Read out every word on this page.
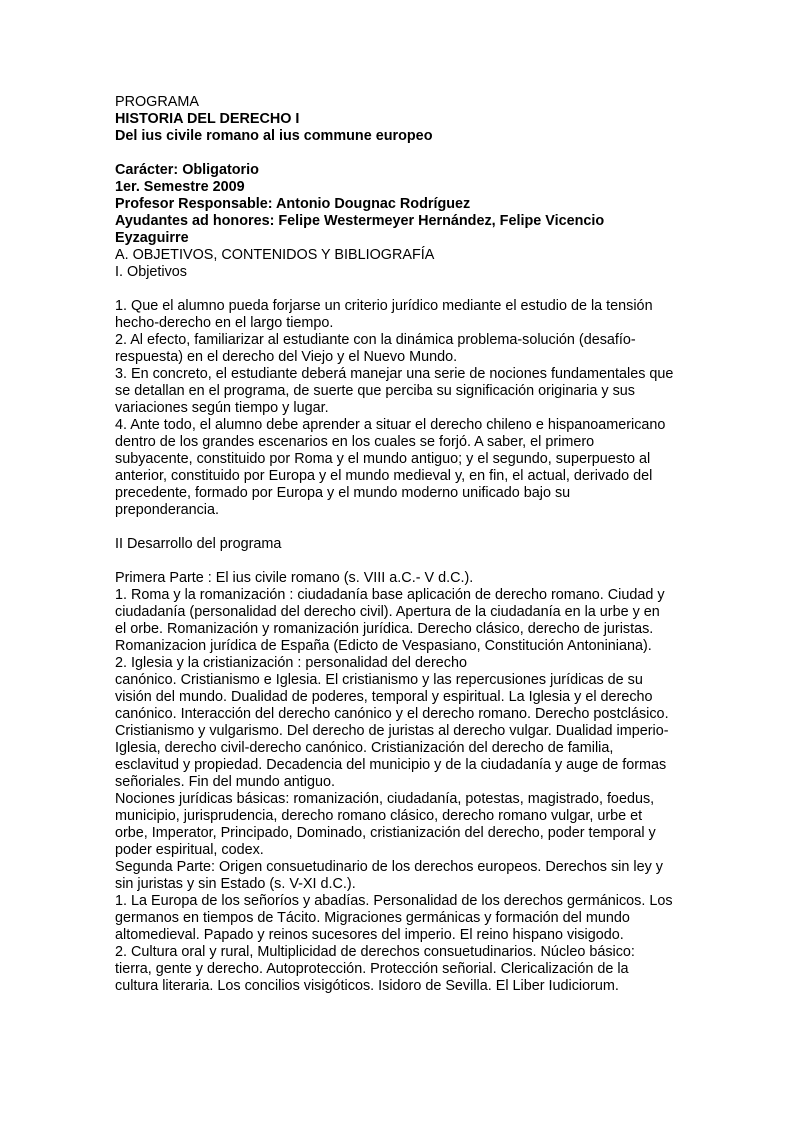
PROGRAMA
HISTORIA DEL DERECHO I
Del ius civile romano al ius commune europeo
Carácter: Obligatorio
1er. Semestre 2009
Profesor Responsable: Antonio Dougnac Rodríguez
Ayudantes ad honores: Felipe Westermeyer Hernández, Felipe Vicencio
Eyzaguirre
A. OBJETIVOS, CONTENIDOS Y BIBLIOGRAFÍA
I. Objetivos
1. Que el alumno pueda forjarse un criterio jurídico mediante el estudio de la tensión
hecho-derecho en el largo tiempo.
2. Al efecto, familiarizar al estudiante con la dinámica problema-solución (desafío-
respuesta) en el derecho del Viejo y el Nuevo Mundo.
3. En concreto, el estudiante deberá manejar una serie de nociones fundamentales que
se detallan en el programa, de suerte que perciba su significación originaria y sus
variaciones según tiempo y lugar.
4. Ante todo, el alumno debe aprender a situar el derecho chileno e hispanoamericano
dentro de los grandes escenarios en los cuales se forjó. A saber, el primero
subyacente, constituido por Roma y el mundo antiguo; y el segundo, superpuesto al
anterior, constituido por Europa y el mundo medieval y, en fin, el actual, derivado del
precedente, formado por Europa y el mundo moderno unificado bajo su
preponderancia.
II Desarrollo del programa
Primera Parte : El ius civile romano (s. VIII a.C.- V d.C.).
1. Roma y la romanización : ciudadanía base aplicación de derecho romano. Ciudad y
ciudadanía (personalidad del derecho civil). Apertura de la ciudadanía en la urbe y en
el orbe. Romanización y romanización jurídica. Derecho clásico, derecho de juristas.
Romanizacion jurídica de España (Edicto de Vespasiano, Constitución Antoniniana).
2. Iglesia y la cristianización : personalidad del derecho
canónico. Cristianismo e Iglesia. El cristianismo y las repercusiones jurídicas de su
visión del mundo. Dualidad de poderes, temporal y espiritual. La Iglesia y el derecho
canónico. Interacción del derecho canónico y el derecho romano. Derecho postclásico.
Cristianismo y vulgarismo. Del derecho de juristas al derecho vulgar. Dualidad imperio-
Iglesia, derecho civil-derecho canónico. Cristianización del derecho de familia,
esclavitud y propiedad. Decadencia del municipio y de la ciudadanía y auge de formas
señoriales. Fin del mundo antiguo.
Nociones jurídicas básicas: romanización, ciudadanía, potestas, magistrado, foedus,
municipio, jurisprudencia, derecho romano clásico, derecho romano vulgar, urbe et
orbe, Imperator, Principado, Dominado, cristianización del derecho, poder temporal y
poder espiritual, codex.
Segunda Parte: Origen consuetudinario de los derechos europeos. Derechos sin ley y
sin juristas y sin Estado (s. V-XI d.C.).
1. La Europa de los señoríos y abadías. Personalidad de los derechos germánicos. Los
germanos en tiempos de Tácito. Migraciones germánicas y formación del mundo
altomedieval. Papado y reinos sucesores del imperio. El reino hispano visigodo.
2. Cultura oral y rural, Multiplicidad de derechos consuetudinarios. Núcleo básico:
tierra, gente y derecho. Autoprotección. Protección señorial. Clericalización de la
cultura literaria. Los concilios visigóticos. Isidoro de Sevilla. El Liber Iudiciorum.
